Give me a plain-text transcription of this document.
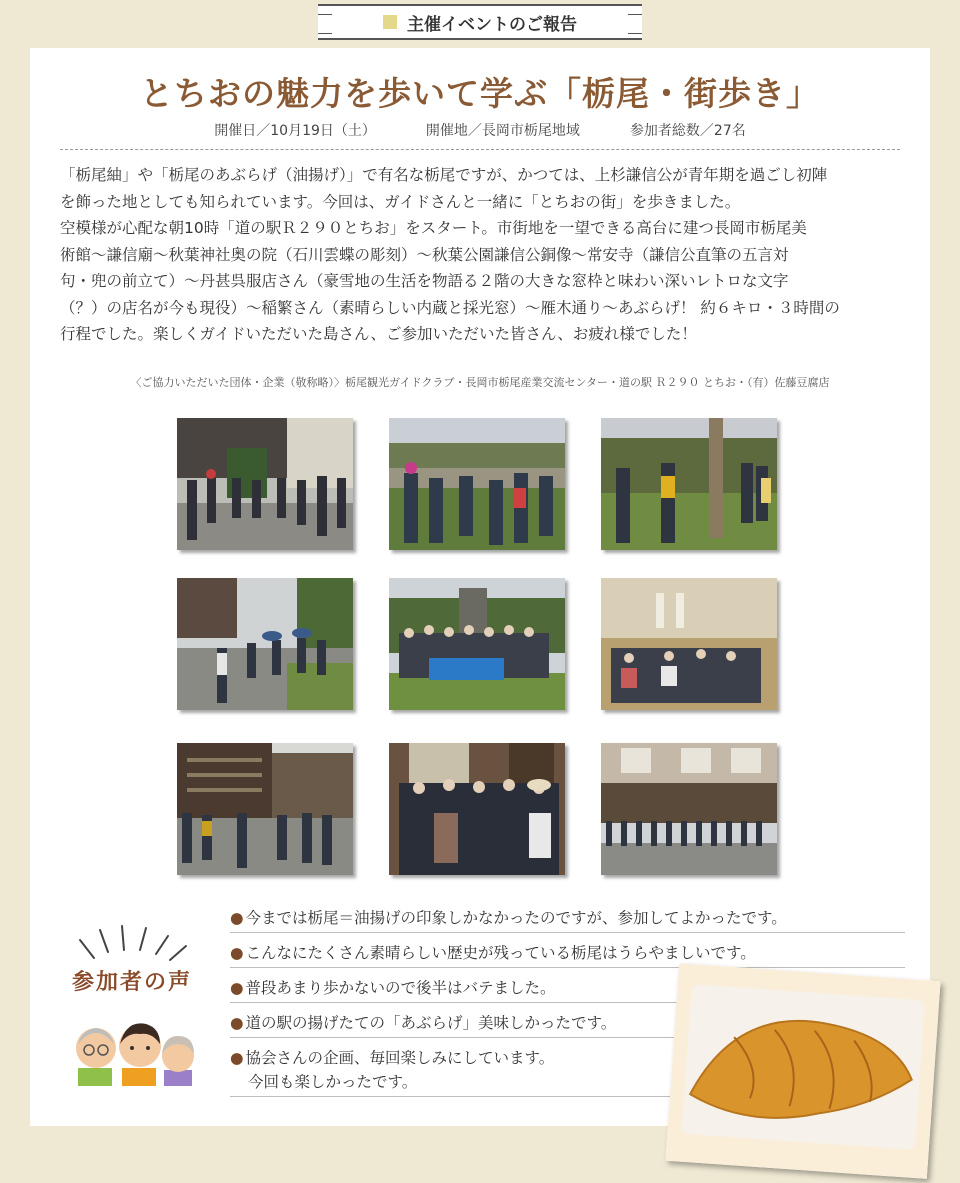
主催イベントのご報告
とちおの魅力を歩いて学ぶ「栃尾・街歩き」
開催日／10月19日（土）	開催地／長岡市栃尾地域	参加者総数／27名

「栃尾紬」や「栃尾のあぶらげ（油揚げ）」で有名な栃尾ですが、かつては、上杉謙信公が青年期を過ごし初陣

を飾った地としても知られています。今回は、ガイドさんと一緒に「とちおの街」を歩きました。

空模様が心配な朝10時「道の駅Ｒ２９０とちお」をスタート。市街地を一望できる高台に建つ長岡市栃尾美

術館～謙信廟～秋葉神社奥の院（石川雲蝶の彫刻）～秋葉公園謙信公銅像～常安寺（謙信公直筆の五言対

句・兜の前立て）～丹甚呉服店さん（豪雪地の生活を物語る２階の大きな窓枠と味わい深いレトロな文字

（？）の店名が今も現役）～稲繁さん（素晴らしい内蔵と採光窓）～雁木通り～あぶらげ！ 約６キロ・３時間の

行程でした。楽しくガイドいただいた島さん、ご参加いただいた皆さん、お疲れ様でした！

〈ご協力いただいた団体・企業（敬称略）〉栃尾観光ガイドクラブ・長岡市栃尾産業交流センター・道の駅 Ｒ２９０ とちお・（有）佐藤豆腐店
参加者の声
● 今までは栃尾＝油揚げの印象しかなかったのですが、参加してよかったです。
● こんなにたくさん素晴らしい歴史が残っている栃尾はうらやましいです。
● 普段あまり歩かないので後半はバテました。
● 道の駅の揚げたての「あぶらげ」美味しかったです。
● 協会さんの企画、毎回楽しみにしています。
今回も楽しかったです。
